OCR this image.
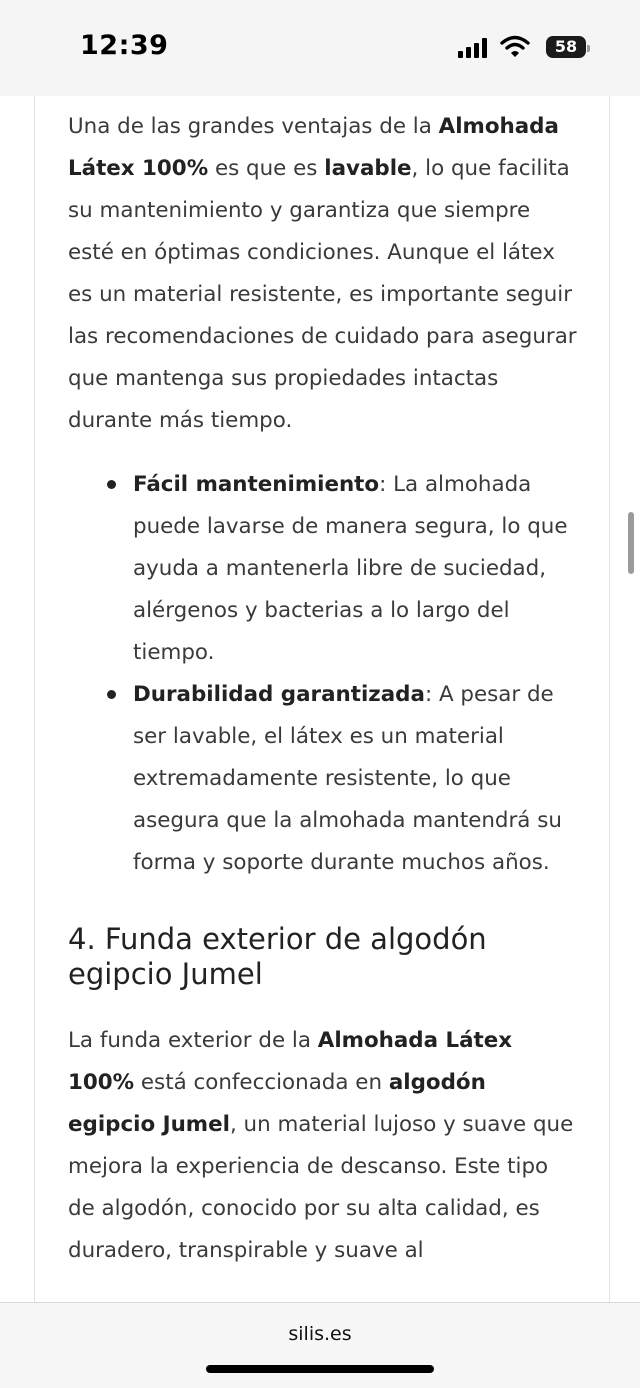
12:39	58

Una de las grandes ventajas de la Almohada Látex 100% es que es lavable, lo que facilita su mantenimiento y garantiza que siempre esté en óptimas condiciones. Aunque el látex es un material resistente, es importante seguir las recomendaciones de cuidado para asegurar que mantenga sus propiedades intactas durante más tiempo.

Fácil mantenimiento: La almohada puede lavarse de manera segura, lo que ayuda a mantenerla libre de suciedad, alérgenos y bacterias a lo largo del tiempo.
Durabilidad garantizada: A pesar de ser lavable, el látex es un material extremadamente resistente, lo que asegura que la almohada mantendrá su forma y soporte durante muchos años.
4. Funda exterior de algodón egipcio Jumel

La funda exterior de la Almohada Látex 100% está confeccionada en algodón egipcio Jumel, un material lujoso y suave que mejora la experiencia de descanso. Este tipo de algodón, conocido por su alta calidad, es duradero, transpirable y suave al

silis.es
